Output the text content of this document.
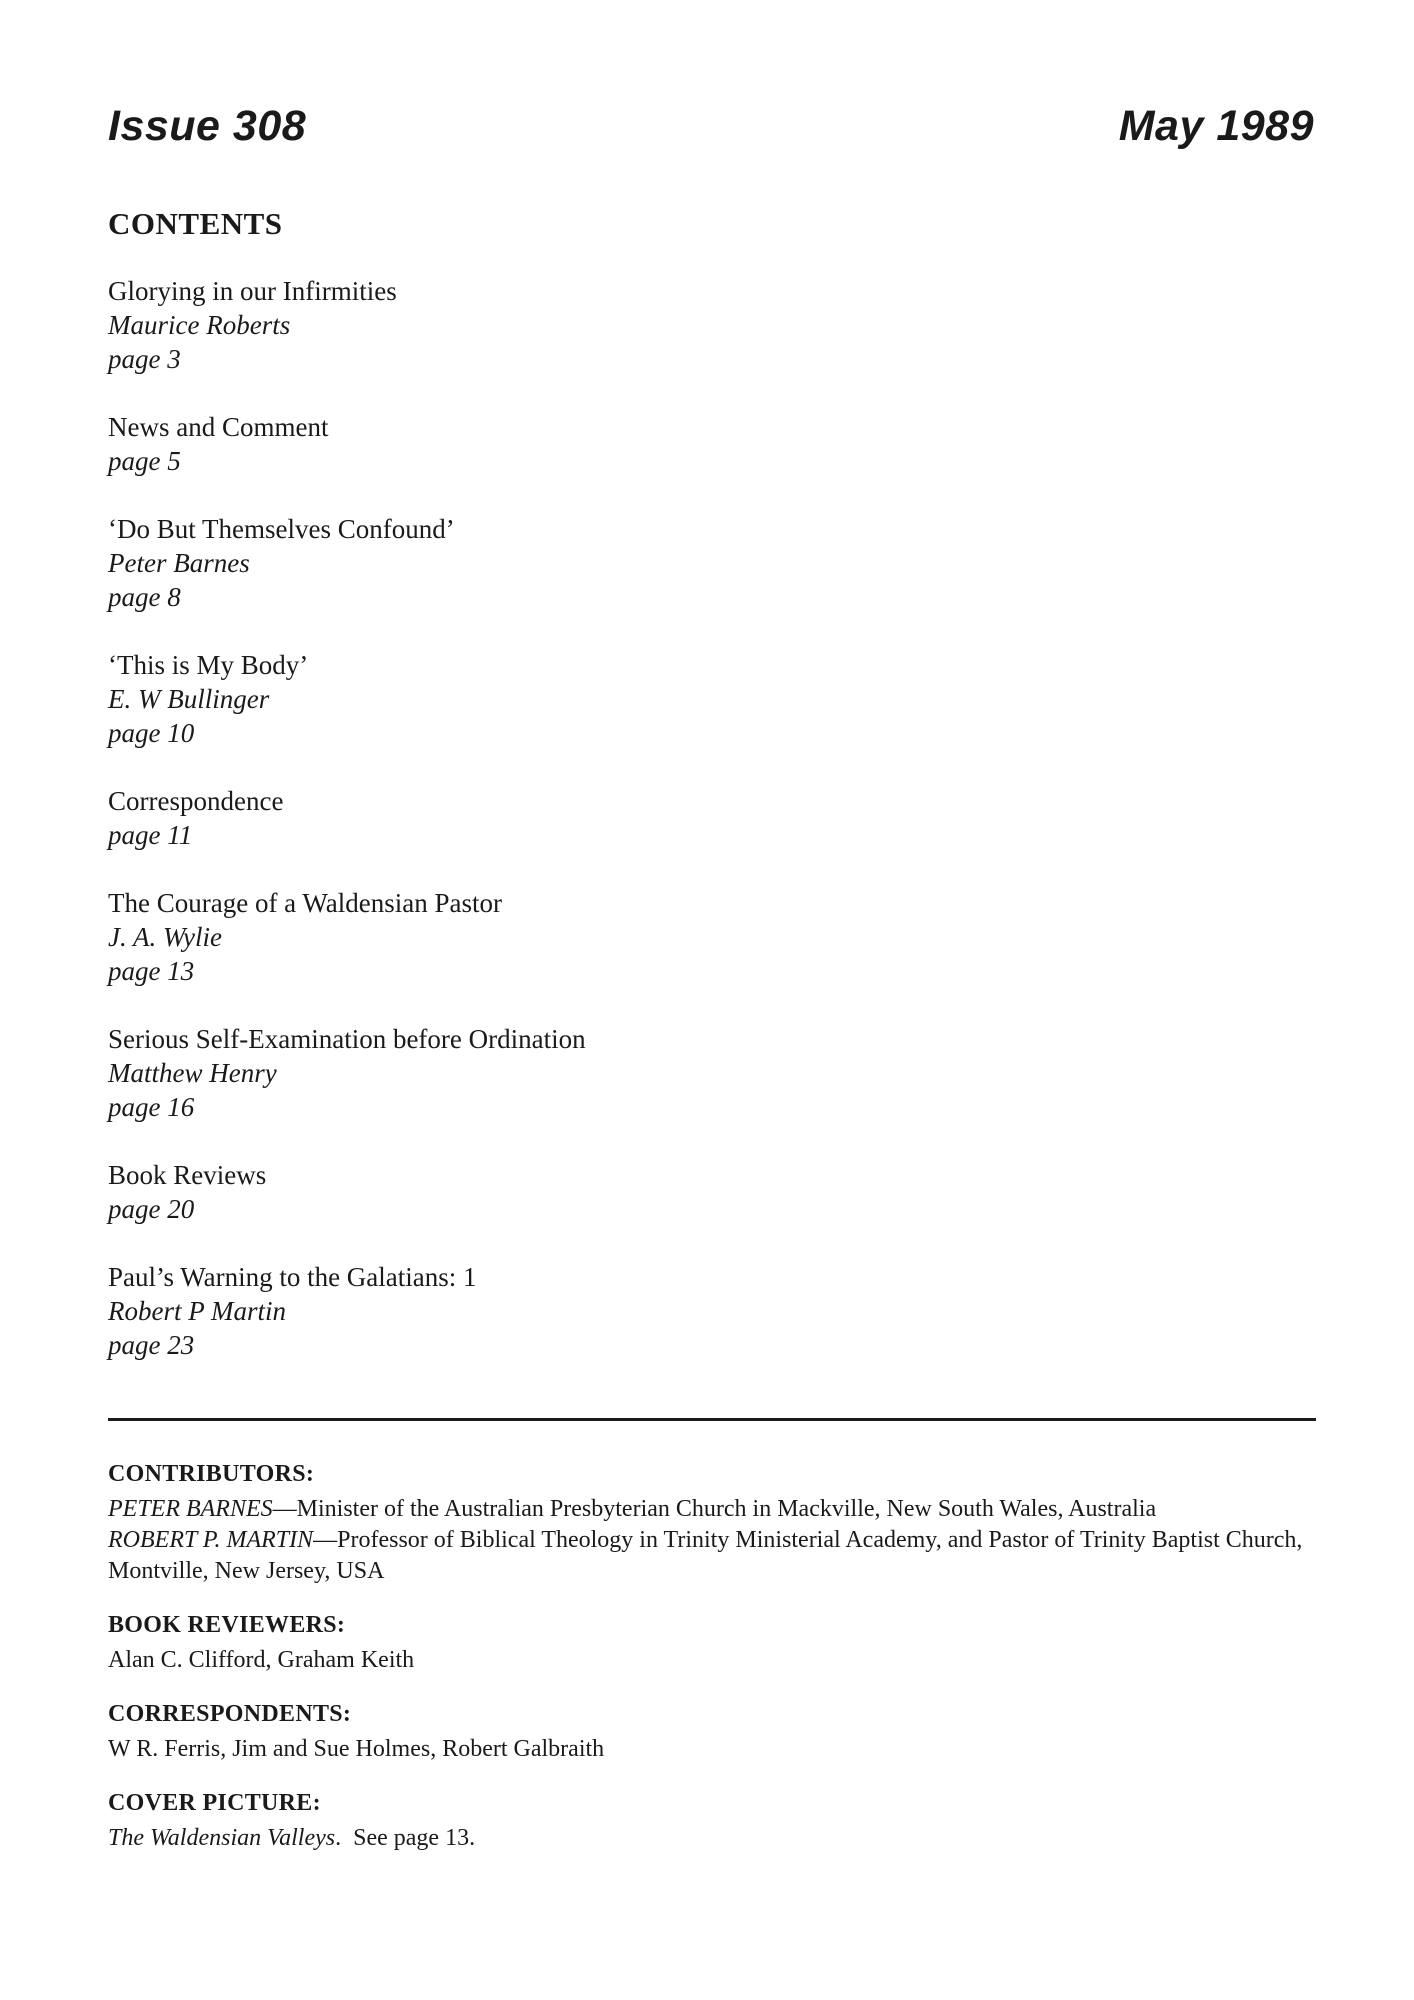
Issue 308	May 1989
CONTENTS
Glorying in our Infirmities
Maurice Roberts
page 3
News and Comment
page 5
‘Do But Themselves Confound’
Peter Barnes
page 8
‘This is My Body’
E. W Bullinger
page 10
Correspondence
page 11
The Courage of a Waldensian Pastor
J. A. Wylie
page 13
Serious Self-Examination before Ordination
Matthew Henry
page 16
Book Reviews
page 20
Paul’s Warning to the Galatians: 1
Robert P Martin
page 23
CONTRIBUTORS:
PETER BARNES—Minister of the Australian Presbyterian Church in Mackville, New South Wales, Australia
ROBERT P. MARTIN—Professor of Biblical Theology in Trinity Ministerial Academy, and Pastor of Trinity Baptist Church, Montville, New Jersey, USA
BOOK REVIEWERS:
Alan C. Clifford, Graham Keith
CORRESPONDENTS:
W R. Ferris, Jim and Sue Holmes, Robert Galbraith
COVER PICTURE:
The Waldensian Valleys.  See page 13.
